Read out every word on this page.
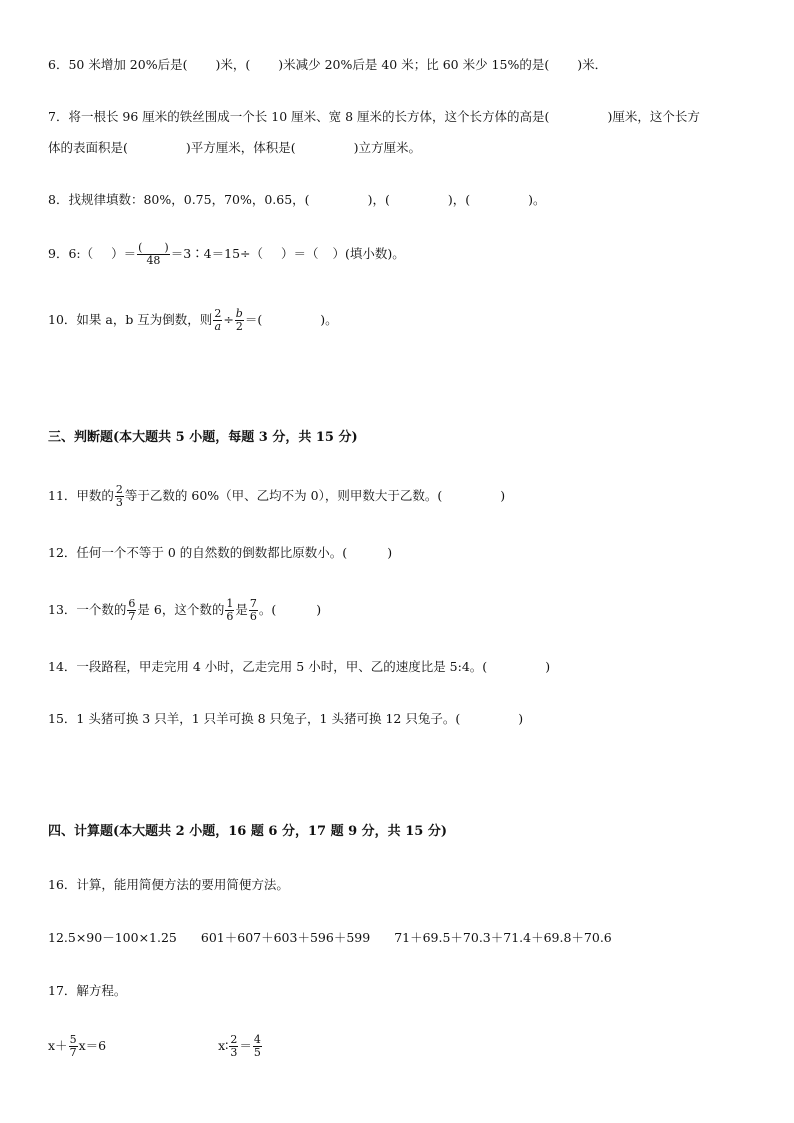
6．50 米增加 20%后是( )米，( )米减少 20%后是 40 米；比 60 米少 15%的是( )米．
7．将一根长 96 厘米的铁丝围成一个长 10 厘米、宽 8 厘米的长方体，这个长方体的高是(	)厘米，这个长方
体的表面积是(	)平方厘米，体积是(	)立方厘米。
8．找规律填数：80%，0.75，70%，0.65，(	)，(	)，(	)。
9．6:（ ）＝ $\frac{( )}{48}$ ＝3∶4＝15÷（ ）＝（ ）(填小数)。
10．如果 a，b 互为倒数，则 $\frac{2}{a} \div \frac{b}{2}$ ＝(	)。
三、判断题(本大题共 5 小题，每题 3 分，共 15 分)
11．甲数的 $\frac{2}{3}$ 等于乙数的 60%（甲、乙均不为 0），则甲数大于乙数。(	)
12．任何一个不等于 0 的自然数的倒数都比原数小。(	)
13．一个数的 $\frac{6}{7}$ 是 6，这个数的 $\frac{1}{6}$ 是 $\frac{7}{6}$ 。(	)
14．一段路程，甲走完用 4 小时，乙走完用 5 小时，甲、乙的速度比是 5:4。(	)
15．1 头猪可换 3 只羊，1 只羊可换 8 只兔子，1 头猪可换 12 只兔子。(	)
四、计算题(本大题共 2 小题，16 题 6 分，17 题 9 分，共 15 分)
16．计算，能用简便方法的要用简便方法。
12.5×90－100×1.25 601＋607＋603＋596＋599 71＋69.5＋70.3＋71.4＋69.8＋70.6
17．解方程。
$x+ \frac{5}{7} x=6$	x∶ $\frac{2}{3} = \frac{4}{5}$
